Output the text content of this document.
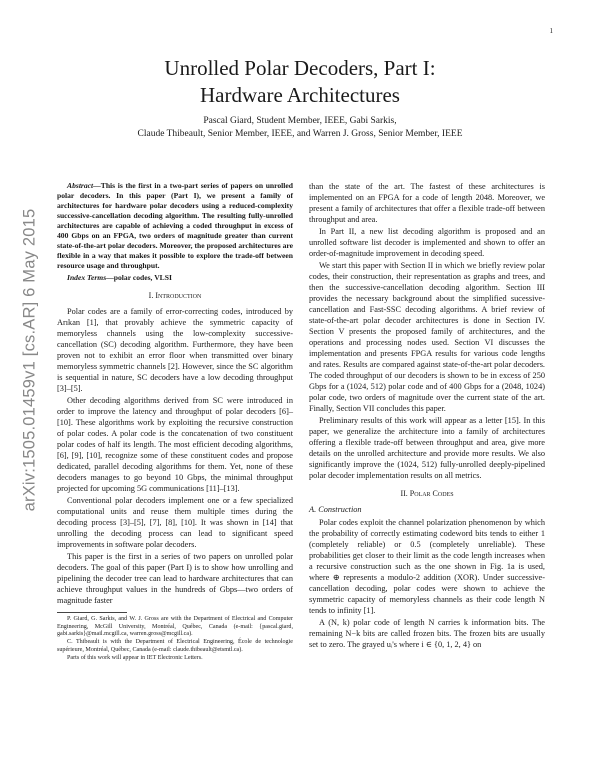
1
arXiv:1505.01459v1 [cs.AR] 6 May 2015
Unrolled Polar Decoders, Part I:
Hardware Architectures
Pascal Giard, Student Member, IEEE, Gabi Sarkis,
Claude Thibeault, Senior Member, IEEE, and Warren J. Gross, Senior Member, IEEE

Abstract—This is the first in a two-part series of papers on unrolled polar decoders. In this paper (Part I), we present a family of architectures for hardware polar decoders using a reduced-complexity successive-cancellation decoding algorithm. The resulting fully-unrolled architectures are capable of achieving a coded throughput in excess of 400 Gbps on an FPGA, two orders of magnitude greater than current state-of-the-art polar decoders. Moreover, the proposed architectures are flexible in a way that makes it possible to explore the trade-off between resource usage and throughput.

Index Terms—polar codes, VLSI

I. Introduction

Polar codes are a family of error-correcting codes, introduced by Arıkan [1], that provably achieve the symmetric capacity of memoryless channels using the low-complexity successive-cancellation (SC) decoding algorithm. Furthermore, they have been proven not to exhibit an error floor when transmitted over binary memoryless symmetric channels [2]. However, since the SC algorithm is sequential in nature, SC decoders have a low decoding throughput [3]–[5].

Other decoding algorithms derived from SC were introduced in order to improve the latency and throughput of polar decoders [6]–[10]. These algorithms work by exploiting the recursive construction of polar codes. A polar code is the concatenation of two constituent polar codes of half its length. The most efficient decoding algorithms, [6], [9], [10], recognize some of these constituent codes and propose dedicated, parallel decoding algorithms for them. Yet, none of these decoders manages to go beyond 10 Gbps, the minimal throughput projected for upcoming 5G communications [11]–[13].

Conventional polar decoders implement one or a few specialized computational units and reuse them multiple times during the decoding process [3]–[5], [7], [8], [10]. It was shown in [14] that unrolling the decoding process can lead to significant speed improvements in software polar decoders.

This paper is the first in a series of two papers on unrolled polar decoders. The goal of this paper (Part I) is to show how unrolling and pipelining the decoder tree can lead to hardware architectures that can achieve throughput values in the hundreds of Gbps—two orders of magnitude faster

P. Giard, G. Sarkis, and W. J. Gross are with the Department of Electrical and Computer Engineering, McGill University, Montréal, Québec, Canada (e-mail: {pascal.giard, gabi.sarkis}@mail.mcgill.ca, warren.gross@mcgill.ca).

C. Thibeault is with the Department of Electrical Engineering, École de technologie supérieure, Montréal, Québec, Canada (e-mail: claude.thibeault@etsmtl.ca).

Parts of this work will appear in IET Electronic Letters.

than the state of the art. The fastest of these architectures is implemented on an FPGA for a code of length 2048. Moreover, we present a family of architectures that offer a flexible trade-off between throughput and area.

In Part II, a new list decoding algorithm is proposed and an unrolled software list decoder is implemented and shown to offer an order-of-magnitude improvement in decoding speed.

We start this paper with Section II in which we briefly review polar codes, their construction, their representation as graphs and trees, and then the successive-cancellation decoding algorithm. Section III provides the necessary background about the simplified sucessive-cancellation and Fast-SSC decoding algorithms. A brief review of state-of-the-art polar decoder architectures is done in Section IV. Section V presents the proposed family of architectures, and the operations and processing nodes used. Section VI discusses the implementation and presents FPGA results for various code lengths and rates. Results are compared against state-of-the-art polar decoders. The coded throughput of our decoders is shown to be in excess of 250 Gbps for a (1024, 512) polar code and of 400 Gbps for a (2048, 1024) polar code, two orders of magnitude over the current state of the art. Finally, Section VII concludes this paper.

Preliminary results of this work will appear as a letter [15]. In this paper, we generalize the architecture into a family of architectures offering a flexible trade-off between throughput and area, give more details on the unrolled architecture and provide more results. We also significantly improve the (1024, 512) fully-unrolled deeply-pipelined polar decoder implementation results on all metrics.

II. Polar Codes

A. Construction

Polar codes exploit the channel polarization phenomenon by which the probability of correctly estimating codeword bits tends to either 1 (completely reliable) or 0.5 (completely unreliable). These probabilities get closer to their limit as the code length increases when a recursive construction such as the one shown in Fig. 1a is used, where ⊕ represents a modulo-2 addition (XOR). Under successive-cancellation decoding, polar codes were shown to achieve the symmetric capacity of memoryless channels as their code length N tends to infinity [1].

A (N, k) polar code of length N carries k information bits. The remaining N−k bits are called frozen bits. The frozen bits are usually set to zero. The grayed uᵢ's where i ∈ {0, 1, 2, 4} on
